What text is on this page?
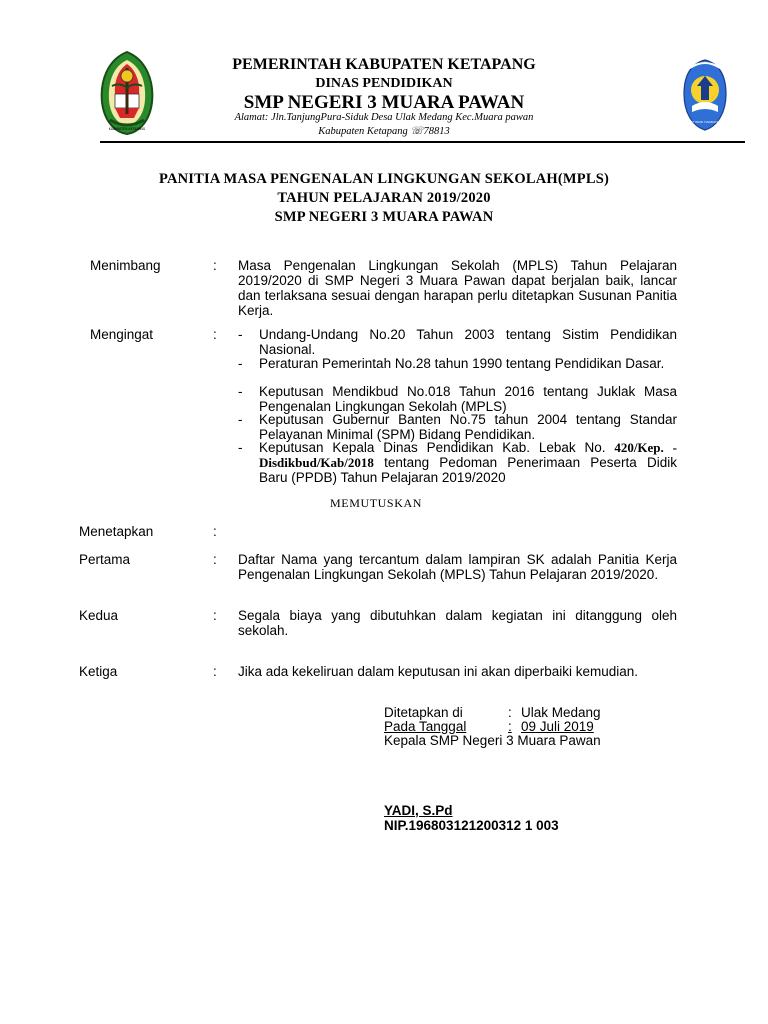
KABUPATEN KETAPANG
TUT WURI HANDAYANI
PEMERINTAH KABUPATEN KETAPANG
DINAS PENDIDIKAN
SMP NEGERI 3 MUARA PAWAN
Alamat: Jln.TanjungPura-Siduk Desa Ulak Medang Kec.Muara pawan
Kabupaten Ketapang ☏78813
PANITIA MASA PENGENALAN LINGKUNGAN SEKOLAH(MPLS)
TAHUN PELAJARAN 2019/2020
SMP NEGERI 3 MUARA PAWAN
Menimbang	: Masa Pengenalan Lingkungan Sekolah (MPLS) Tahun Pelajaran 2019/2020 di SMP Negeri 3 Muara Pawan dapat berjalan baik, lancar dan terlaksana sesuai dengan harapan perlu ditetapkan Susunan Panitia Kerja.
Mengingat	: - Undang-Undang No.20 Tahun 2003 tentang Sistim Pendidikan Nasional.
- Peraturan Pemerintah No.28 tahun 1990 tentang Pendidikan Dasar.
- Keputusan Mendikbud No.018 Tahun 2016 tentang Juklak Masa Pengenalan Lingkungan Sekolah (MPLS)
- Keputusan Gubernur Banten No.75 tahun 2004 tentang Standar Pelayanan Minimal (SPM) Bidang Pendidikan.
- Keputusan Kepala Dinas Pendidikan Kab. Lebak No. 420/Kep. -Disdikbud/Kab/2018 tentang Pedoman Penerimaan Peserta Didik Baru (PPDB) Tahun Pelajaran 2019/2020
MEMUTUSKAN
Menetapkan	:
Pertama	: Daftar Nama yang tercantum dalam lampiran SK adalah Panitia Kerja Pengenalan Lingkungan Sekolah (MPLS) Tahun Pelajaran 2019/2020.
Kedua	: Segala biaya yang dibutuhkan dalam kegiatan ini ditanggung oleh sekolah.
Ketiga	: Jika ada kekeliruan dalam keputusan ini akan diperbaiki kemudian.
Ditetapkan di	: Ulak Medang
Pada Tanggal	: 09 Juli 2019
Kepala SMP Negeri 3 Muara Pawan
YADI, S.Pd
NIP.196803121200312 1 003
